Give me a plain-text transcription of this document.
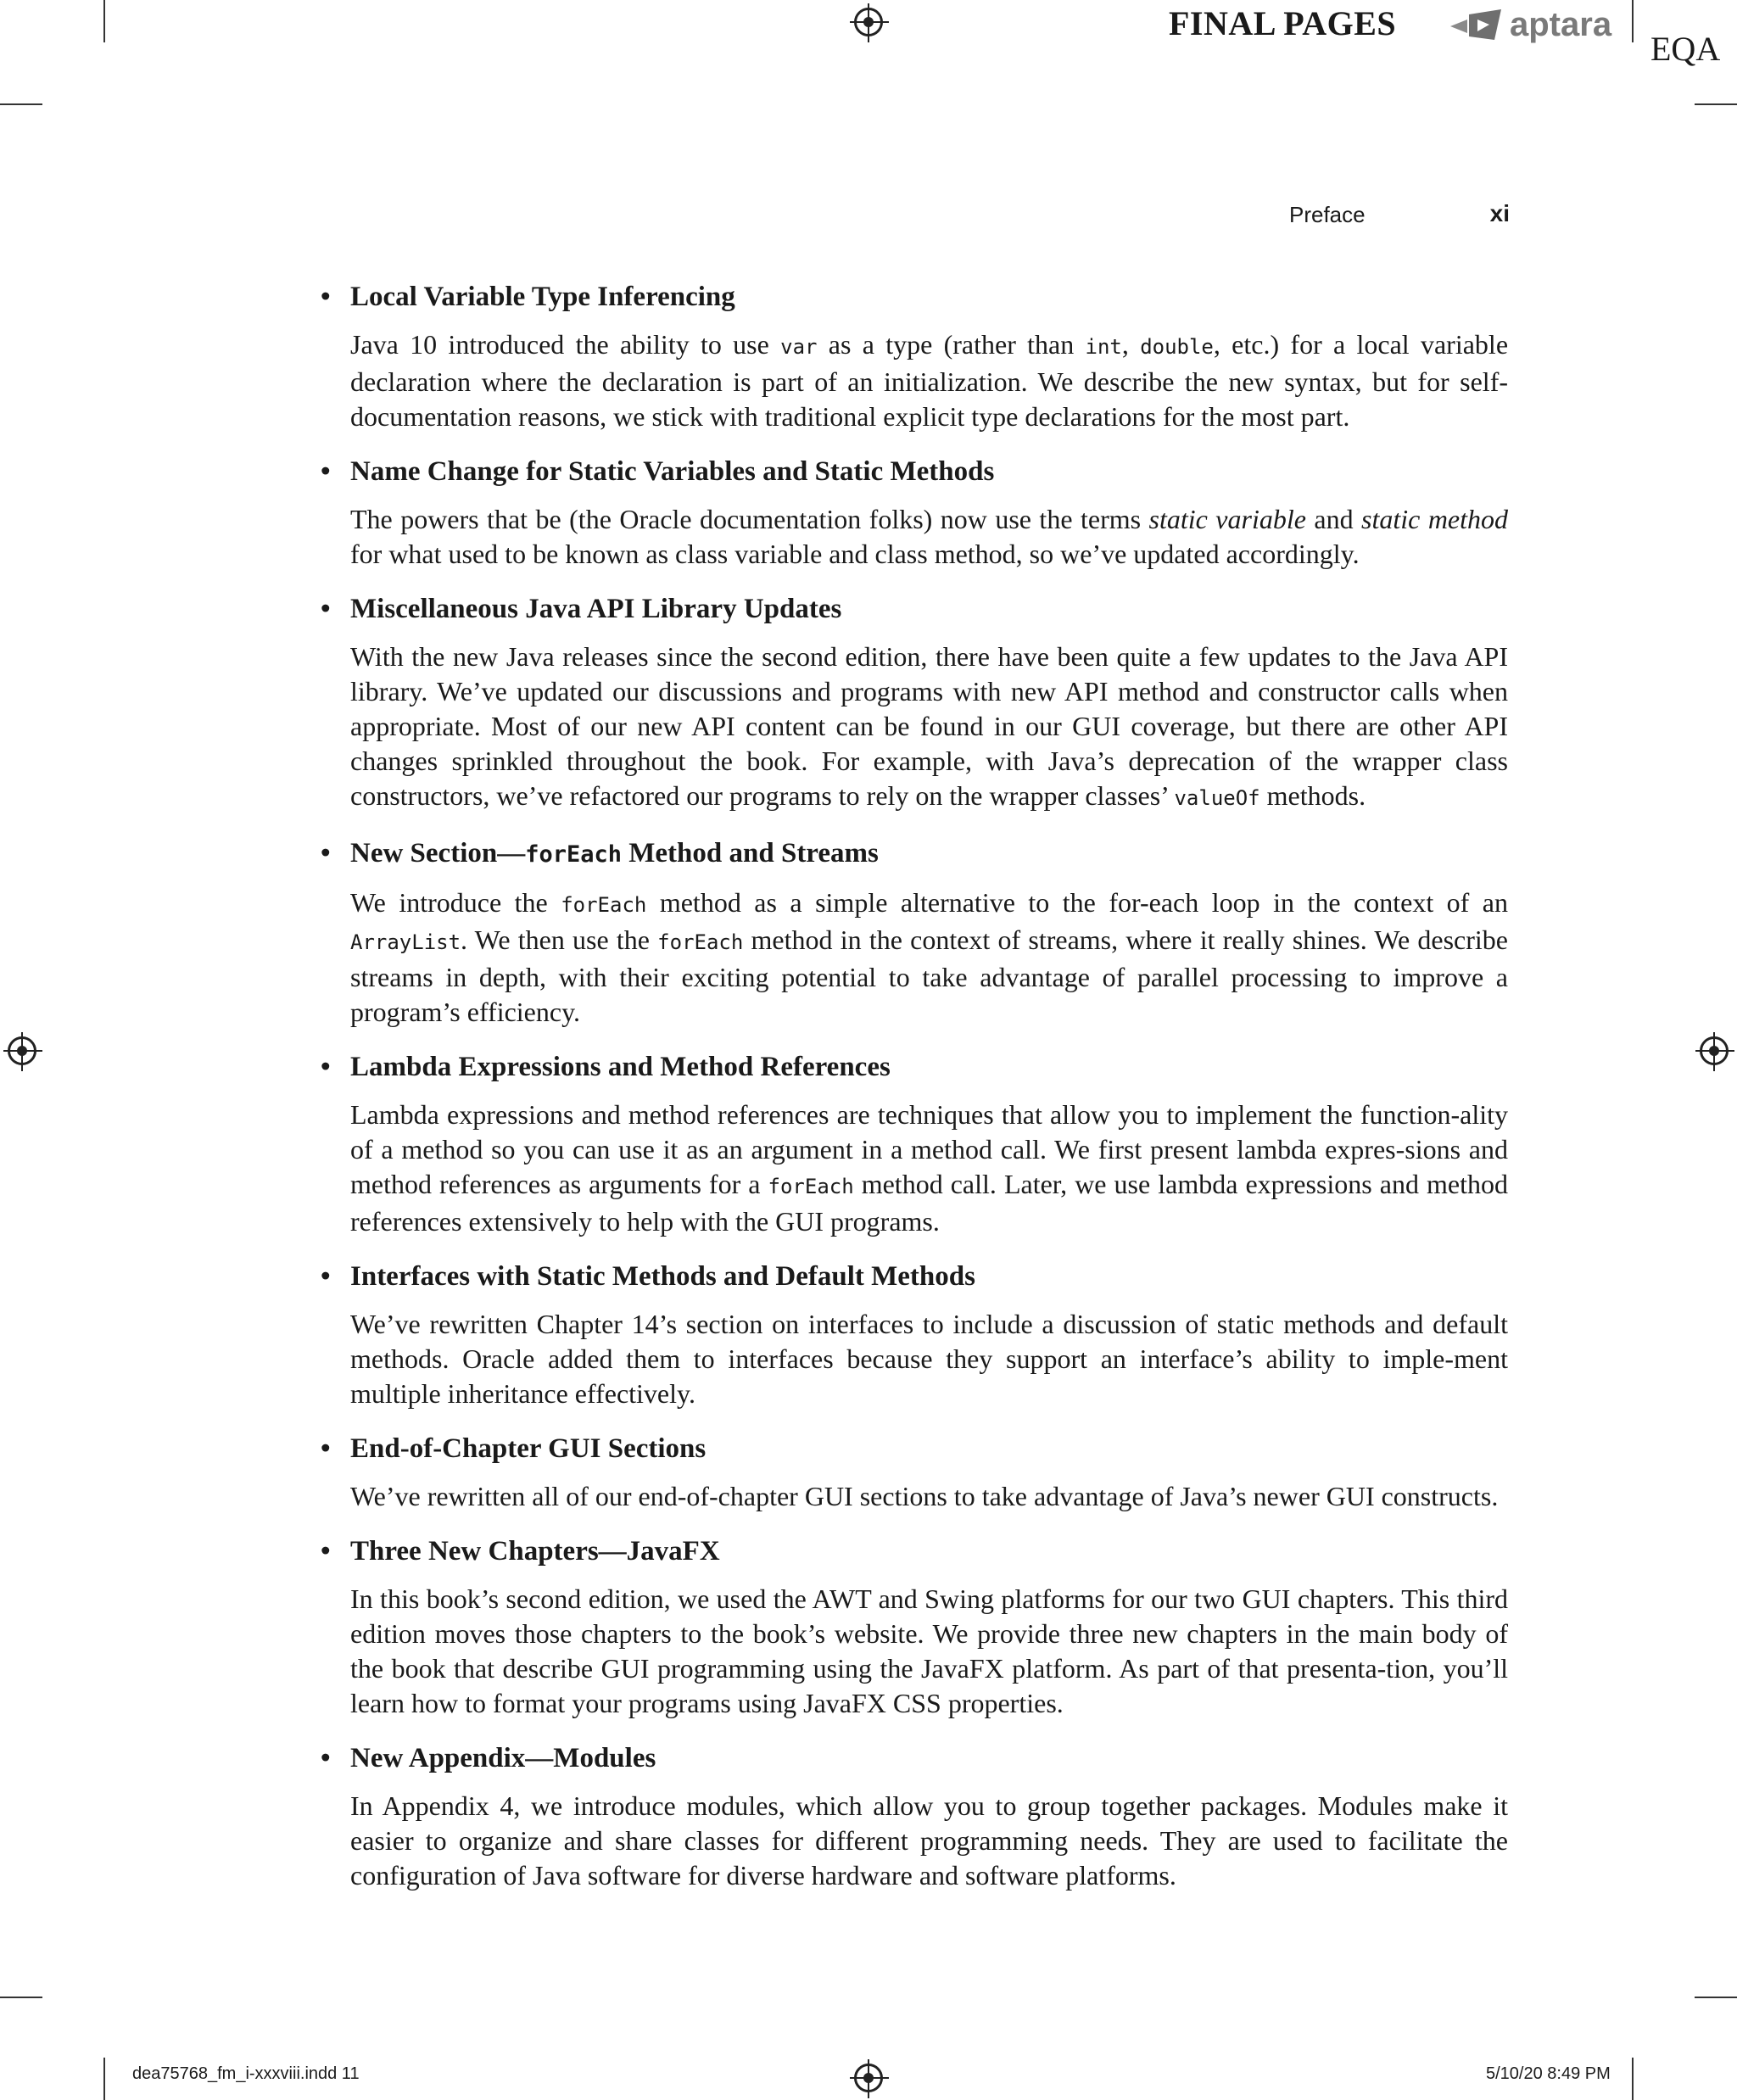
FINAL PAGES	aptara
EQA
Preface	xi
• Local Variable Type Inferencing
Java 10 introduced the ability to use var as a type (rather than int, double, etc.) for a local variable declaration where the declaration is part of an initialization. We describe the new syntax, but for self-documentation reasons, we stick with traditional explicit type declarations for the most part.
• Name Change for Static Variables and Static Methods
The powers that be (the Oracle documentation folks) now use the terms static variable and static method for what used to be known as class variable and class method, so we’ve updated accordingly.
• Miscellaneous Java API Library Updates
With the new Java releases since the second edition, there have been quite a few updates to the Java API library. We’ve updated our discussions and programs with new API method and constructor calls when appropriate. Most of our new API content can be found in our GUI coverage, but there are other API changes sprinkled throughout the book. For example, with Java’s deprecation of the wrapper class constructors, we’ve refactored our programs to rely on the wrapper classes’ valueOf methods.
• New Section—forEach Method and Streams
We introduce the forEach method as a simple alternative to the for-each loop in the context of an ArrayList. We then use the forEach method in the context of streams, where it really shines. We describe streams in depth, with their exciting potential to take advantage of parallel processing to improve a program’s efficiency.
• Lambda Expressions and Method References
Lambda expressions and method references are techniques that allow you to implement the function-ality of a method so you can use it as an argument in a method call. We first present lambda expres-sions and method references as arguments for a forEach method call. Later, we use lambda expressions and method references extensively to help with the GUI programs.
• Interfaces with Static Methods and Default Methods
We’ve rewritten Chapter 14’s section on interfaces to include a discussion of static methods and default methods. Oracle added them to interfaces because they support an interface’s ability to imple-ment multiple inheritance effectively.
• End-of-Chapter GUI Sections
We’ve rewritten all of our end-of-chapter GUI sections to take advantage of Java’s newer GUI constructs.
• Three New Chapters—JavaFX
In this book’s second edition, we used the AWT and Swing platforms for our two GUI chapters. This third edition moves those chapters to the book’s website. We provide three new chapters in the main body of the book that describe GUI programming using the JavaFX platform. As part of that presenta-tion, you’ll learn how to format your programs using JavaFX CSS properties.
• New Appendix—Modules
In Appendix 4, we introduce modules, which allow you to group together packages. Modules make it easier to organize and share classes for different programming needs. They are used to facilitate the configuration of Java software for diverse hardware and software platforms.
dea75768_fm_i-xxxviii.indd 11	5/10/20 8:49 PM
